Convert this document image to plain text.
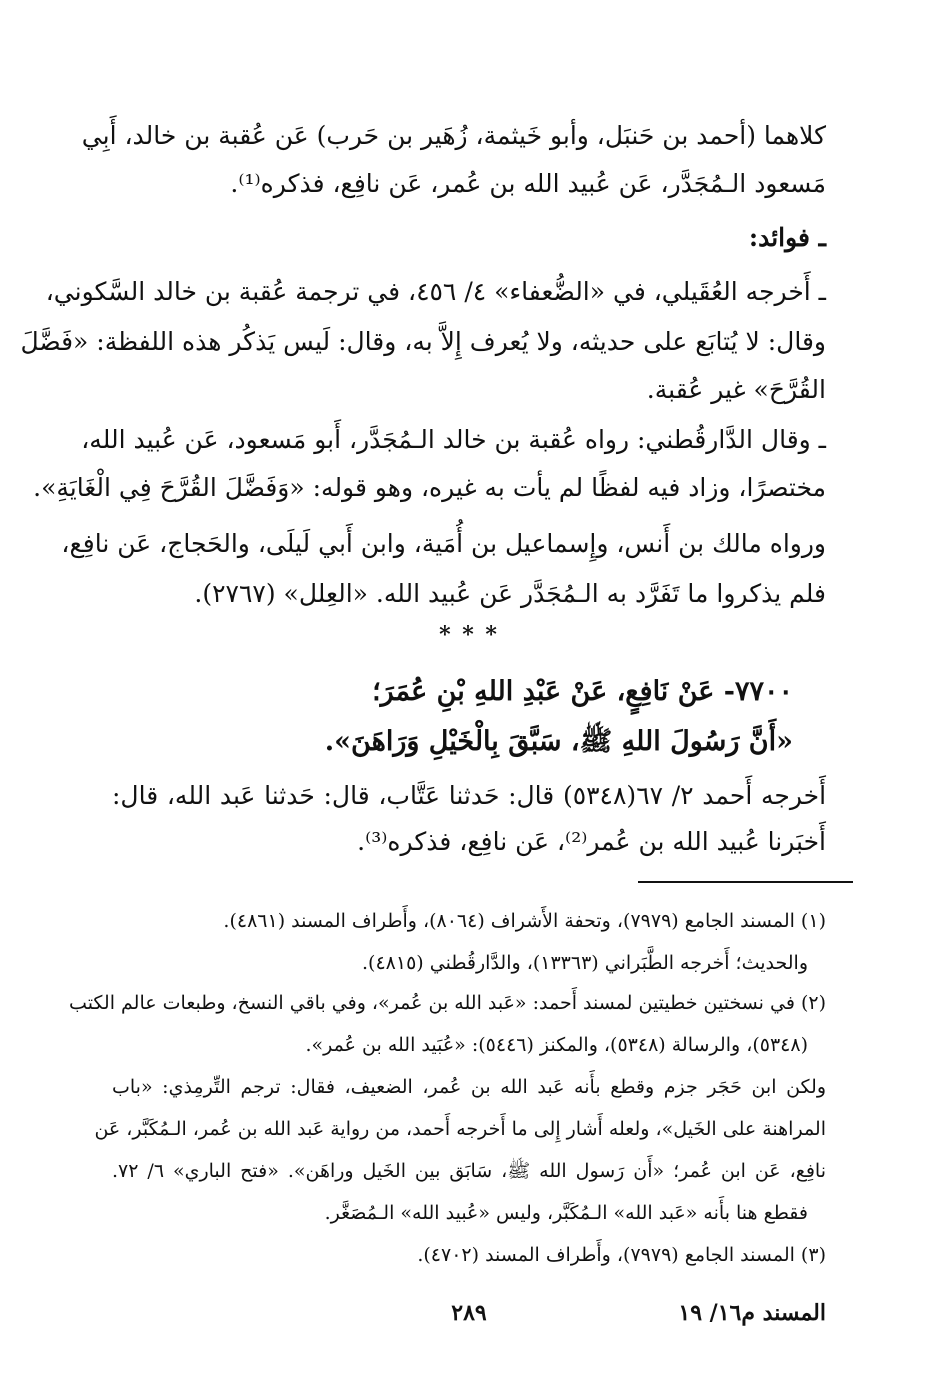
كلاهما (أحمد بن حَنبَل، وأبو خَيثمة، زُهَير بن حَرب) عَن عُقبة بن خالد، أَبِي
مَسعود الـمُجَدَّر، عَن عُبيد الله بن عُمر، عَن نافِع، فذكره⁽¹⁾.
ـ فوائد:
ـ أَخرجه العُقَيلي، في «الضُّعفاء» ٤/ ٤٥٦، في ترجمة عُقبة بن خالد السَّكوني،
وقال: لا يُتابَع على حديثه، ولا يُعرف إِلاَّ به، وقال: لَيس يَذكُر هذه اللفظة: «فَضَّلَ
القُرَّحَ» غير عُقبة.
ـ وقال الدَّارقُطني: رواه عُقبة بن خالد الـمُجَدَّر، أَبو مَسعود، عَن عُبيد الله،
مختصرًا، وزاد فيه لفظًا لم يأت به غيره، وهو قوله: «وَفَضَّلَ القُرَّحَ فِي الْغَايَةِ».
ورواه مالك بن أَنس، وإِسماعيل بن أُمَية، وابن أَبي لَيلَى، والحَجاج، عَن نافِع،
فلم يذكروا ما تَفَرَّد به الـمُجَدَّر عَن عُبيد الله. «العِلل» (٢٧٦٧).
* * *
٧٧٠٠- عَنْ نَافِعٍ، عَنْ عَبْدِ اللهِ بْنِ عُمَرَ؛
«أَنَّ رَسُولَ اللهِ ﷺ، سَبَّقَ بِالْخَيْلِ وَرَاهَنَ».
أَخرجه أَحمد ٢/ ٦٧(٥٣٤٨) قال: حَدثنا عَتَّاب، قال: حَدثنا عَبد الله، قال:
أَخبَرنا عُبيد الله بن عُمر⁽²⁾، عَن نافِع، فذكره⁽³⁾.
(١) المسند الجامع (٧٩٧٩)، وتحفة الأَشراف (٨٠٦٤)، وأَطراف المسند (٤٨٦١).
والحديث؛ أَخرجه الطَّبَراني (١٣٣٦٣)، والدَّارقُطني (٤٨١٥).
(٢) في نسختين خطيتين لمسند أَحمد: «عَبد الله بن عُمر»، وفي باقي النسخ، وطبعات عالم الكتب
(٥٣٤٨)، والرسالة (٥٣٤٨)، والمكنز (٥٤٤٦): «عُبَيد الله بن عُمر».
ولكن ابن حَجَر جزم وقطع بأَنه عَبد الله بن عُمر، الضعيف، فقال: ترجم التِّرمِذي: «باب
المراهنة على الخَيل»، ولعله أَشار إِلى ما أَخرجه أَحمد، من رواية عَبد الله بن عُمر، الـمُكَبَّر، عَن
نافِع، عَن ابن عُمر؛ «أَن رَسول الله ﷺ، سَابَق بين الخَيل وراهَن». «فتح الباري» ٦/ ٧٢.
فقطع هنا بأَنه «عَبد الله» الـمُكَبَّر، وليس «عُبيد الله» الـمُصَغَّر.
(٣) المسند الجامع (٧٩٧٩)، وأَطراف المسند (٤٧٠٢).
المسند م١٦/ ١٩
٢٨٩
